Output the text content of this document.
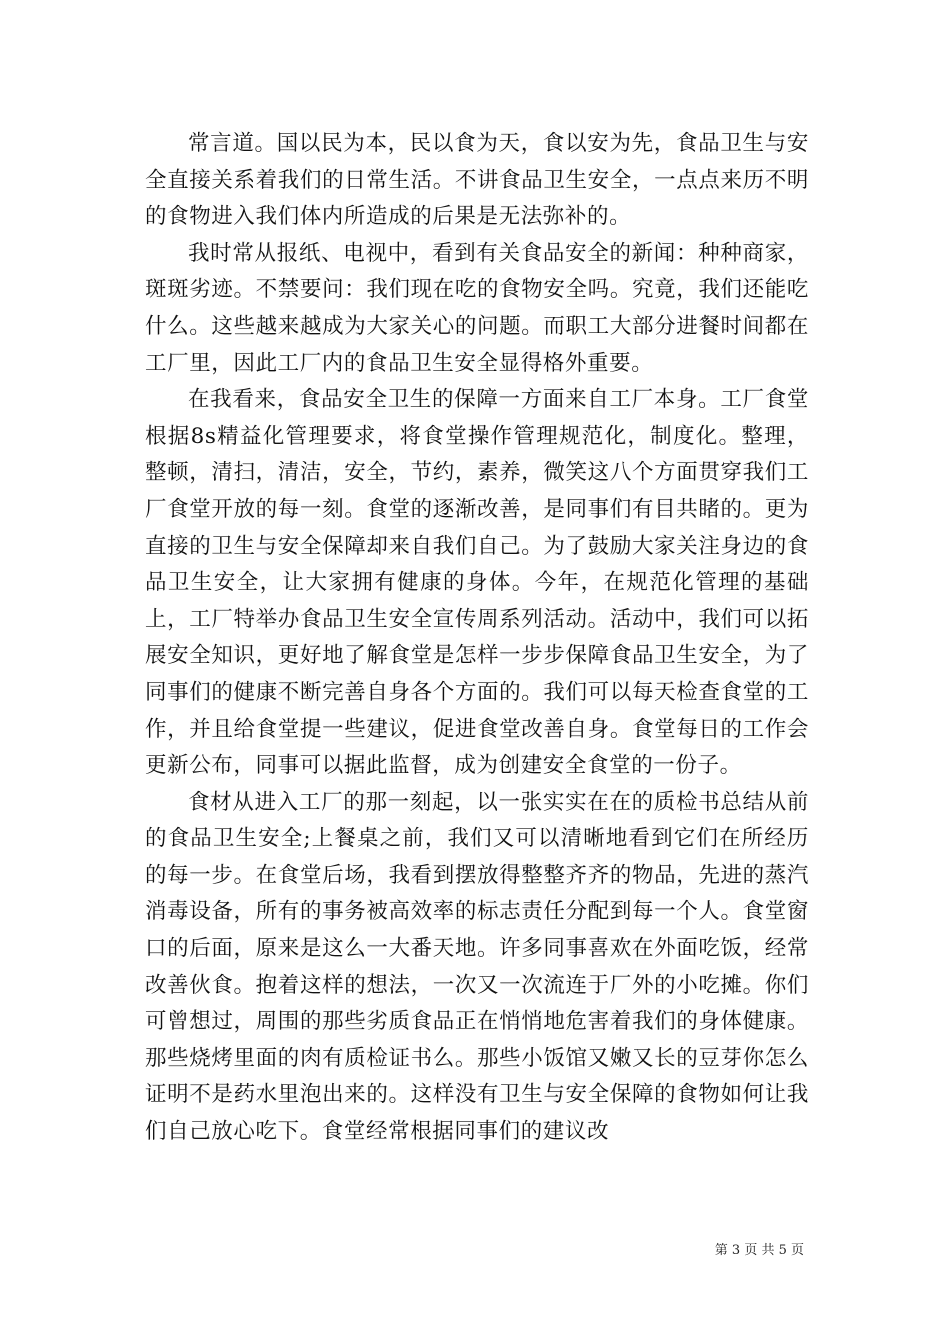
常言道。国以民为本，民以食为天，食以安为先，食品卫生与安全直接关系着我们的日常生活。不讲食品卫生安全，一点点来历不明的食物进入我们体内所造成的后果是无法弥补的。

我时常从报纸、电视中，看到有关食品安全的新闻：种种商家，斑斑劣迹。不禁要问：我们现在吃的食物安全吗。究竟，我们还能吃什么。这些越来越成为大家关心的问题。而职工大部分进餐时间都在工厂里，因此工厂内的食品卫生安全显得格外重要。

在我看来，食品安全卫生的保障一方面来自工厂本身。工厂食堂根据8s精益化管理要求，将食堂操作管理规范化，制度化。整理，整顿，清扫，清洁，安全，节约，素养，微笑这八个方面贯穿我们工厂食堂开放的每一刻。食堂的逐渐改善，是同事们有目共睹的。更为直接的卫生与安全保障却来自我们自己。为了鼓励大家关注身边的食品卫生安全，让大家拥有健康的身体。今年，在规范化管理的基础上，工厂特举办食品卫生安全宣传周系列活动。活动中，我们可以拓展安全知识，更好地了解食堂是怎样一步步保障食品卫生安全，为了同事们的健康不断完善自身各个方面的。我们可以每天检查食堂的工作，并且给食堂提一些建议，促进食堂改善自身。食堂每日的工作会更新公布，同事可以据此监督，成为创建安全食堂的一份子。

食材从进入工厂的那一刻起，以一张实实在在的质检书总结从前的食品卫生安全;上餐桌之前，我们又可以清晰地看到它们在所经历的每一步。在食堂后场，我看到摆放得整整齐齐的物品，先进的蒸汽消毒设备，所有的事务被高效率的标志责任分配到每一个人。食堂窗口的后面，原来是这么一大番天地。许多同事喜欢在外面吃饭，经常改善伙食。抱着这样的想法，一次又一次流连于厂外的小吃摊。你们可曾想过，周围的那些劣质食品正在悄悄地危害着我们的身体健康。那些烧烤里面的肉有质检证书么。那些小饭馆又嫩又长的豆芽你怎么证明不是药水里泡出来的。这样没有卫生与安全保障的食物如何让我们自己放心吃下。食堂经常根据同事们的建议改

第 3 页 共 5 页
